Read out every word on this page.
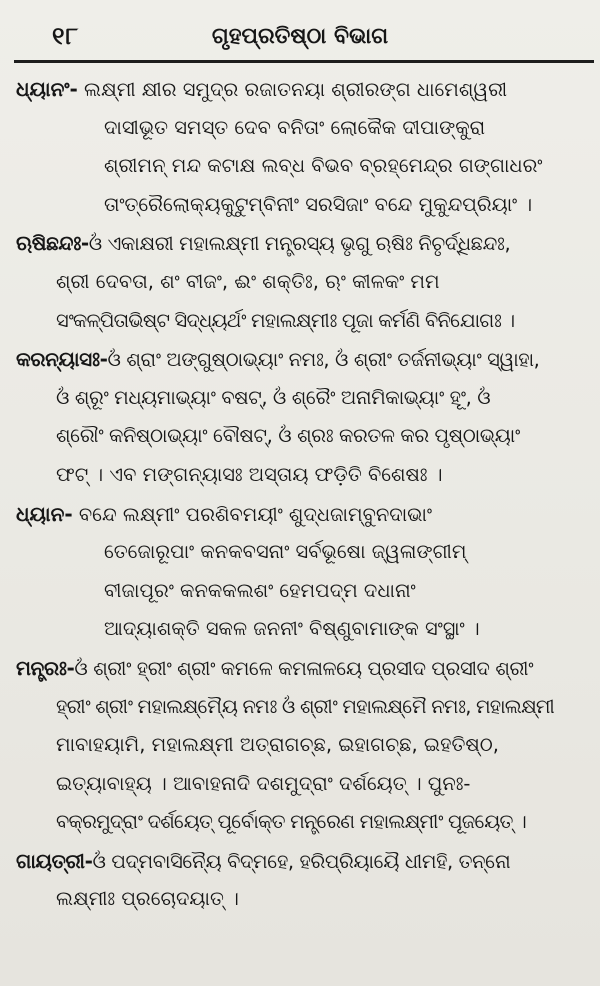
୧୮	ଗୃହପ୍ରତିଷ୍ଠା ବିଭାଗ
ଧ୍ୟାନଂ- ଲକ୍ଷ୍ମୀ କ୍ଷୀର ସମୁଦ୍ର ରଜାତନୟା ଶ୍ରୀରଙ୍ଗ ଧାମେଶ୍ୱରୀ
ଦାସୀଭୂତ ସମସ୍ତ ଦେବ ବନିତାଂ ଲୋକୈକ ଦୀପାଙ୍କୁରା
ଶ୍ରୀମନ୍ ମନ୍ଦ କଟାକ୍ଷ ଲବ୍ଧ ବିଭବ ବ୍ରହ୍ମେନ୍ଦ୍ର ଗଙ୍ଗାଧରଂ
ତାଂତ୍ରୈଲୋକ୍ୟକୁଟୁମ୍ବିନୀଂ ସରସିଜାଂ ବନ୍ଦେ ମୁକୁନ୍ଦପ୍ରିୟାଂ ।
ଋଷିଛନ୍ଦଃ-ଓଁ ଏକାକ୍ଷରୀ ମହାଲକ୍ଷ୍ମୀ ମନ୍ତ୍ରସ୍ୟ ଭୃଗୁ ଋଷିଃ ନିଚୃର୍ଦ୍ଧିଛନ୍ଦଃ,
ଶ୍ରୀ ଦେବତା, ଶଂ ବୀଜଂ, ଈଂ ଶକ୍ତିଃ, ଋଂ କୀଳକଂ ମମ
ସଂକଳ୍ପିତାଭିଷ୍ଟ ସିଦ୍ଧ୍ୟର୍ଥଂ ମହାଲକ୍ଷ୍ମୀଃ ପୂଜା କର୍ମଣି ବିନିଯୋଗଃ ।
କରନ୍ୟାସଃ-ଓଁ ଶ୍ରାଂ ଅଙ୍ଗୁଷ୍ଠାଭ୍ୟାଂ ନମଃ, ଓଁ ଶ୍ରୀଂ ତର୍ଜନୀଭ୍ୟାଂ ସ୍ୱାହା,
ଓଁ ଶ୍ରୂଂ ମଧ୍ୟମାଭ୍ୟାଂ ବଷଟ୍, ଓଁ ଶ୍ରୈଂ ଅନାମିକାଭ୍ୟାଂ ହୂଂ, ଓଁ
ଶ୍ରୌଂ କନିଷ୍ଠାଭ୍ୟାଂ ବୌଷଟ୍, ଓଁ ଶ୍ରଃ କରତଳ କର ପୃଷ୍ଠାଭ୍ୟାଂ
ଫଟ୍ । ଏବ ମଙ୍ଗନ୍ୟାସଃ ଅସ୍ତାୟ ଫଡ଼ିତି ବିଶେଷଃ ।
ଧ୍ୟାନ- ବନ୍ଦେ ଲକ୍ଷ୍ମୀଂ ପରଶିବମୟୀଂ ଶୁଦ୍ଧଜାମ୍ବୁନଦାଭାଂ
ତେଜୋରୂପାଂ କନକବସନାଂ ସର୍ବଭୂଷୋ ଜ୍ୱଳାଙ୍ଗୀମ୍
ବୀଜାପୂରଂ କନକକଲଶଂ ହେମପଦ୍ମ ଦଧାନାଂ
ଆଦ୍ୟାଶକ୍ତି ସକଳ ଜନନୀଂ ବିଷ୍ଣୁବାମାଙ୍କ ସଂସ୍ଥାଂ ।
ମନ୍ତ୍ରଃ-ଓଁ ଶ୍ରୀଂ ହ୍ରୀଂ ଶ୍ରୀଂ କମଳେ କମଳାଳୟେ ପ୍ରସୀଦ ପ୍ରସୀଦ ଶ୍ରୀଂ
ହ୍ରୀଂ ଶ୍ରୀଂ ମହାଲକ୍ଷ୍ମ୍ୟୈ ନମଃ ଓଁ ଶ୍ରୀଂ ମହାଲକ୍ଷ୍ମୈ ନମଃ, ମହାଲକ୍ଷ୍ମୀ
ମାବାହୟାମି, ମହାଲକ୍ଷ୍ମୀ ଅତ୍ରାଗଚ୍ଛ, ଇହାଗଚ୍ଛ, ଇହତିଷ୍ଠ,
ଇତ୍ୟାବାହ୍ୟ । ଆବାହନାଦି ଦଶମୁଦ୍ରାଂ ଦର୍ଶୟେତ୍ । ପୁନଃ-
ବକ୍ରମୁଦ୍ରାଂ ଦର୍ଶୟେତ୍ ପୂର୍ବୋକ୍ତ ମନ୍ତ୍ରେଣ ମହାଲକ୍ଷ୍ମୀଂ ପୂଜୟେତ୍ ।
ଗାୟତ୍ରୀ-ଓଁ ପଦ୍ମବାସିନ୍ୟୈ ବିଦ୍ମହେ, ହରିପ୍ରିୟାୟୈ ଧୀମହି, ତନ୍ନୋ
ଲକ୍ଷ୍ମୀଃ ପ୍ରଚୋଦୟାତ୍ ।
